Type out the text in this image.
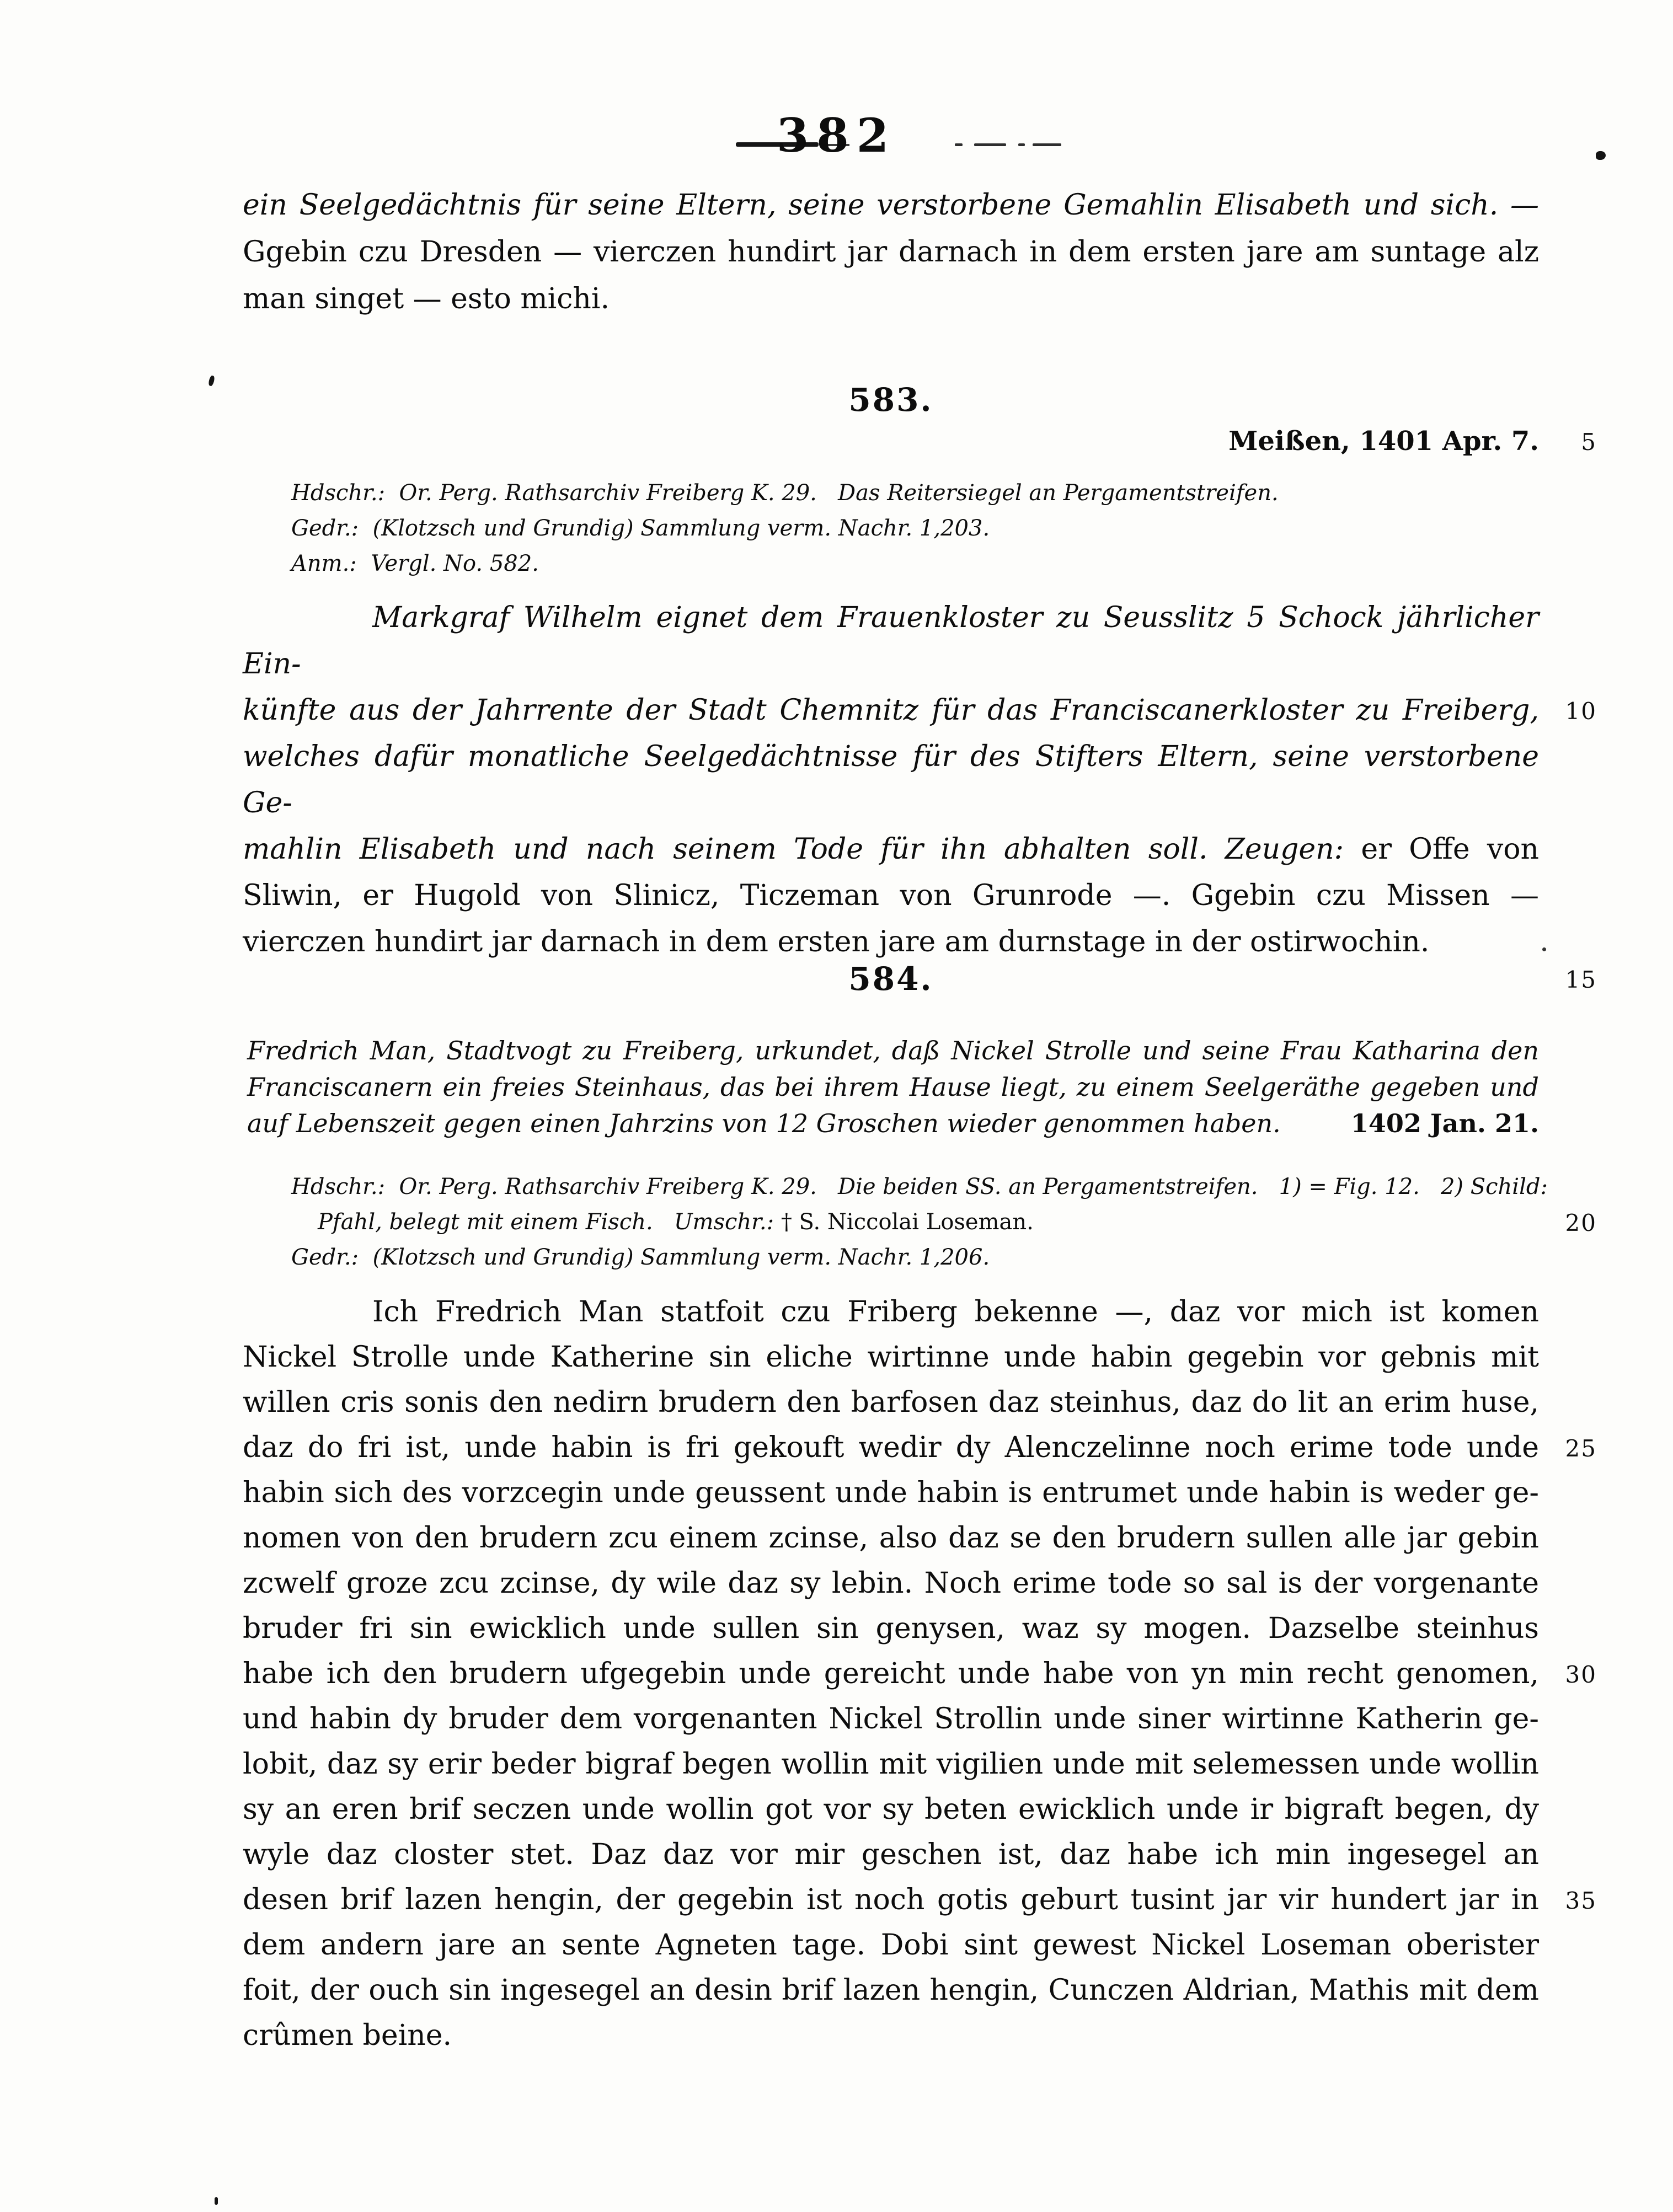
382
ein Seelgedächtnis für seine Eltern, seine verstorbene Gemahlin Elisabeth und sich. —
Ggebin czu Dresden — vierczen hundirt jar darnach in dem ersten jare am suntage alz
man singet — esto michi.
583.
Meißen, 1401 Apr. 7. 5
Hdschr.:  Or. Perg. Rathsarchiv Freiberg K. 29.   Das Reitersiegel an Pergamentstreifen.
Gedr.:  (Klotzsch und Grundig) Sammlung verm. Nachr. 1,203.
Anm.:  Vergl. No. 582.
Markgraf Wilhelm eignet dem Frauenkloster zu Seusslitz 5 Schock jährlicher Ein-
künfte aus der Jahrrente der Stadt Chemnitz für das Franciscanerkloster zu Freiberg, 10
welches dafür monatliche Seelgedächtnisse für des Stifters Eltern, seine verstorbene Ge-
mahlin Elisabeth und nach seinem Tode für ihn abhalten soll. Zeugen: er Offe von
Sliwin, er Hugold von Slinicz, Ticzeman von Grunrode —. Ggebin czu Missen —
vierczen hundirt jar darnach in dem ersten jare am durnstage in der ostirwochin.
584.	15
Fredrich Man, Stadtvogt zu Freiberg, urkundet, daß Nickel Strolle und seine Frau Katharina den
Franciscanern ein freies Steinhaus, das bei ihrem Hause liegt, zu einem Seelgeräthe gegeben und
auf Lebenszeit gegen einen Jahrzins von 12 Groschen wieder genommen haben.	1402 Jan. 21.
Hdschr.:  Or. Perg. Rathsarchiv Freiberg K. 29.   Die beiden SS. an Pergamentstreifen.   1) = Fig. 12.   2) Schild:
Pfahl, belegt mit einem Fisch.   Umschr.: † S. Niccolai Loseman.	20
Gedr.:  (Klotzsch und Grundig) Sammlung verm. Nachr. 1,206.
Ich Fredrich Man statfoit czu Friberg bekenne —, daz vor mich ist komen
Nickel Strolle unde Katherine sin eliche wirtinne unde habin gegebin vor gebnis mit
willen cris sonis den nedirn brudern den barfosen daz steinhus, daz do lit an erim huse,
daz do fri ist, unde habin is fri gekouft wedir dy Alenczelinne noch erime tode unde 25
habin sich des vorzcegin unde geussent unde habin is entrumet unde habin is weder ge-
nomen von den brudern zcu einem zcinse, also daz se den brudern sullen alle jar gebin
zcwelf groze zcu zcinse, dy wile daz sy lebin. Noch erime tode so sal is der vorgenante
bruder fri sin ewicklich unde sullen sin genysen, waz sy mogen. Dazselbe steinhus
habe ich den brudern ufgegebin unde gereicht unde habe von yn min recht genomen, 30
und habin dy bruder dem vorgenanten Nickel Strollin unde siner wirtinne Katherin ge-
lobit, daz sy erir beder bigraf begen wollin mit vigilien unde mit selemessen unde wollin
sy an eren brif seczen unde wollin got vor sy beten ewicklich unde ir bigraft begen, dy
wyle daz closter stet. Daz daz vor mir geschen ist, daz habe ich min ingesegel an
desen brif lazen hengin, der gegebin ist noch gotis geburt tusint jar vir hundert jar in 35
dem andern jare an sente Agneten tage. Dobi sint gewest Nickel Loseman oberister
foit, der ouch sin ingesegel an desin brif lazen hengin, Cunczen Aldrian, Mathis mit dem
crûmen beine.
